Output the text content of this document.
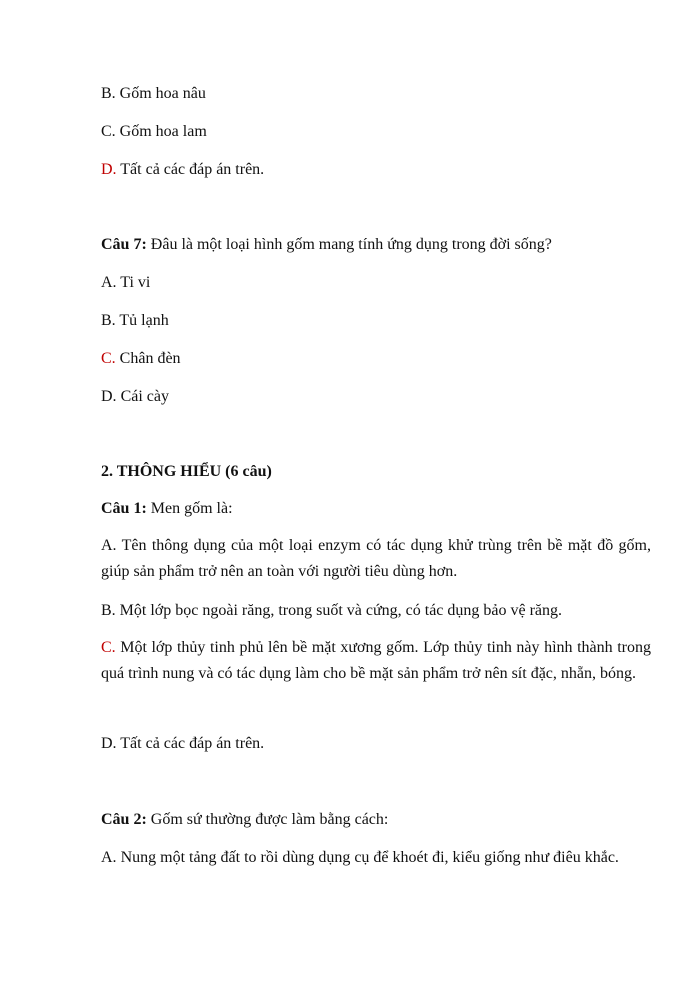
B. Gốm hoa nâu
C. Gốm hoa lam
D. Tất cả các đáp án trên.
Câu 7: Đâu là một loại hình gốm mang tính ứng dụng trong đời sống?
A. Ti vi
B. Tủ lạnh
C. Chân đèn
D. Cái cày
2. THÔNG HIỂU (6 câu)
Câu 1: Men gốm là:
A. Tên thông dụng của một loại enzym có tác dụng khử trùng trên bề mặt đồ gốm, giúp sản phẩm trở nên an toàn với người tiêu dùng hơn.
B. Một lớp bọc ngoài răng, trong suốt và cứng, có tác dụng bảo vệ răng.
C. Một lớp thủy tinh phủ lên bề mặt xương gốm. Lớp thủy tinh này hình thành trong quá trình nung và có tác dụng làm cho bề mặt sản phẩm trở nên sít đặc, nhẵn, bóng.
D. Tất cả các đáp án trên.
Câu 2: Gốm sứ thường được làm bằng cách:
A. Nung một tảng đất to rồi dùng dụng cụ để khoét đi, kiểu giống như điêu khắc.
